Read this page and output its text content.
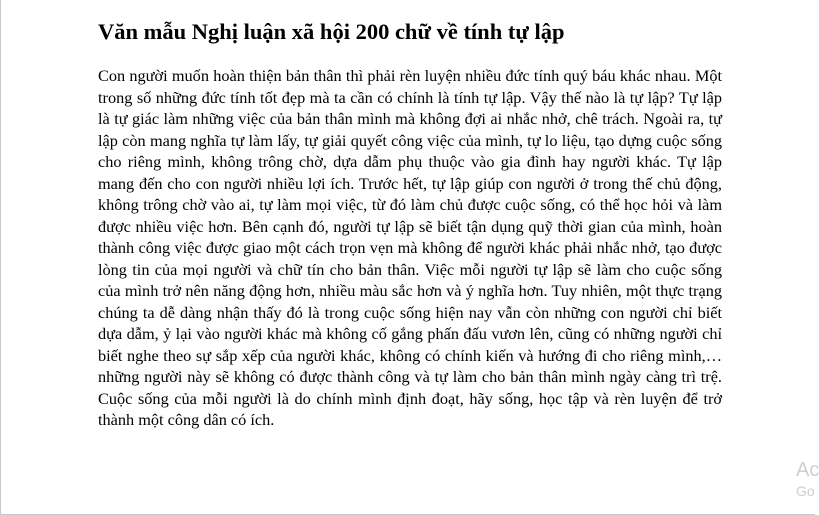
Văn mẫu Nghị luận xã hội 200 chữ về tính tự lập

Con người muốn hoàn thiện bản thân thì phải rèn luyện nhiều đức tính quý báu khác nhau. Một trong số những đức tính tốt đẹp mà ta cần có chính là tính tự lập. Vậy thế nào là tự lập? Tự lập là tự giác làm những việc của bản thân mình mà không đợi ai nhắc nhở, chê trách. Ngoài ra, tự lập còn mang nghĩa tự làm lấy, tự giải quyết công việc của mình, tự lo liệu, tạo dựng cuộc sống cho riêng mình, không trông chờ, dựa dẫm phụ thuộc vào gia đình hay người khác. Tự lập mang đến cho con người nhiều lợi ích. Trước hết, tự lập giúp con người ở trong thế chủ động, không trông chờ vào ai, tự làm mọi việc, từ đó làm chủ được cuộc sống, có thể học hỏi và làm được nhiều việc hơn. Bên cạnh đó, người tự lập sẽ biết tận dụng quỹ thời gian của mình, hoàn thành công việc được giao một cách trọn vẹn mà không để người khác phải nhắc nhở, tạo được lòng tin của mọi người và chữ tín cho bản thân. Việc mỗi người tự lập sẽ làm cho cuộc sống của mình trở nên năng động hơn, nhiều màu sắc hơn và ý nghĩa hơn. Tuy nhiên, một thực trạng chúng ta dễ dàng nhận thấy đó là trong cuộc sống hiện nay vẫn còn những con người chỉ biết dựa dẫm, ỷ lại vào người khác mà không cố gắng phấn đấu vươn lên, cũng có những người chỉ biết nghe theo sự sắp xếp của người khác, không có chính kiến và hướng đi cho riêng mình,… những người này sẽ không có được thành công và tự làm cho bản thân mình ngày càng trì trệ. Cuộc sống của mỗi người là do chính mình định đoạt, hãy sống, học tập và rèn luyện để trở thành một công dân có ích.

Ac
Go
